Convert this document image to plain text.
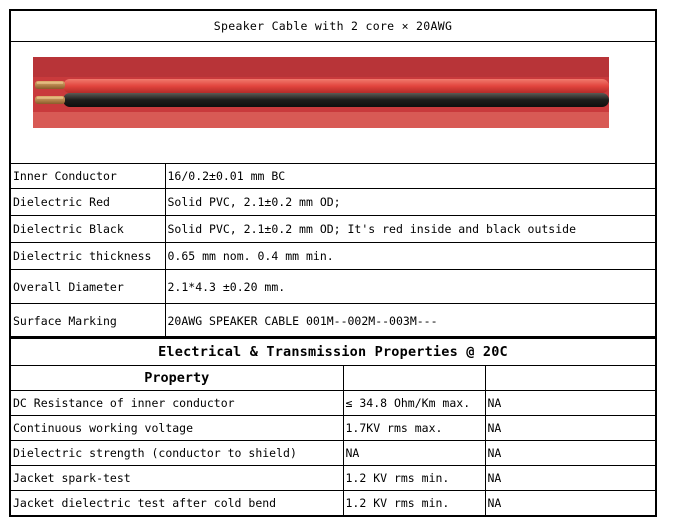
Speaker Cable with 2 core × 20AWG	

Inner Conductor	16/0.2±0.01 mm BC
Dielectric Red	Solid PVC, 2.1±0.2 mm OD;
Dielectric Black	Solid PVC, 2.1±0.2 mm OD; It's red inside and black outside
Dielectric thickness	0.65 mm nom. 0.4 mm min.
Overall Diameter	2.1*4.3 ±0.20 mm.
Surface Marking	20AWG SPEAKER CABLE 001M--002M--003M---
Electrical & Transmission Properties @ 20C		
Property		
DC Resistance of inner conductor	≤ 34.8 Ohm/Km max.	NA
Continuous working voltage	1.7KV rms max.	NA
Dielectric strength (conductor to shield)	NA	NA
Jacket spark-test	1.2 KV rms min.	NA
Jacket dielectric test after cold bend	1.2 KV rms min.	NA
